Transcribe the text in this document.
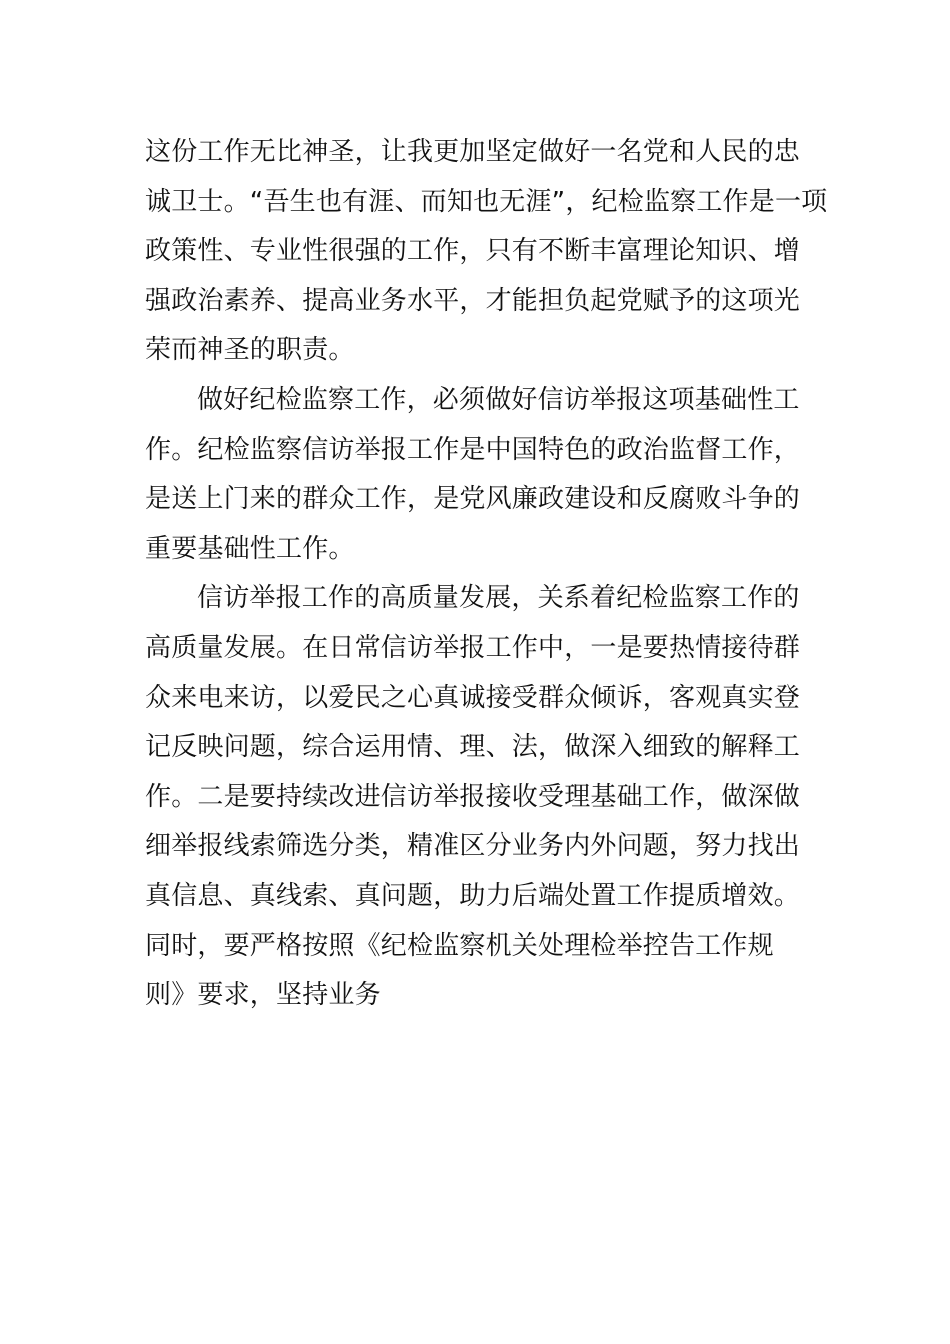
这份工作无比神圣，让我更加坚定做好一名党和人民的忠
诚卫士。“吾生也有涯、而知也无涯”，纪检监察工作是一项
政策性、专业性很强的工作，只有不断丰富理论知识、增
强政治素养、提高业务水平，才能担负起党赋予的这项光
荣而神圣的职责。
做好纪检监察工作，必须做好信访举报这项基础性工
作。纪检监察信访举报工作是中国特色的政治监督工作，
是送上门来的群众工作，是党风廉政建设和反腐败斗争的
重要基础性工作。
信访举报工作的高质量发展，关系着纪检监察工作的
高质量发展。在日常信访举报工作中，一是要热情接待群
众来电来访，以爱民之心真诚接受群众倾诉，客观真实登
记反映问题，综合运用情、理、法，做深入细致的解释工
作。二是要持续改进信访举报接收受理基础工作，做深做
细举报线索筛选分类，精准区分业务内外问题，努力找出
真信息、真线索、真问题，助力后端处置工作提质增效。
同时，要严格按照《纪检监察机关处理检举控告工作规
则》要求，坚持业务
